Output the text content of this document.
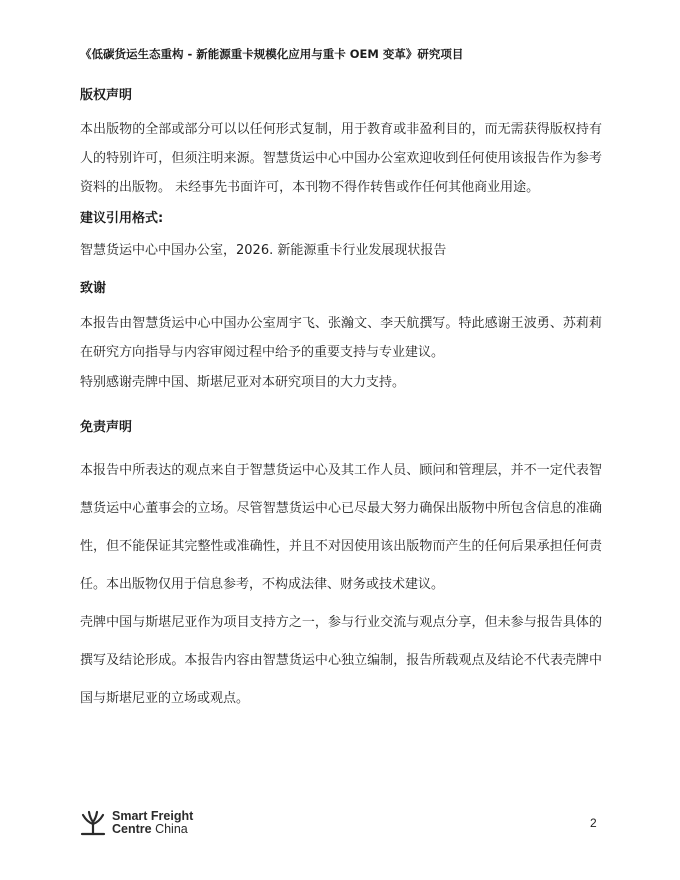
《低碳货运生态重构 - 新能源重卡规模化应用与重卡 OEM 变革》研究项目
版权声明

本出版物的全部或部分可以以任何形式复制，用于教育或非盈利目的，而无需获得版权持有人的特别许可，但须注明来源。智慧货运中心中国办公室欢迎收到任何使用该报告作为参考资料的出版物。 未经事先书面许可，本刊物不得作转售或作任何其他商业用途。

建议引用格式:

智慧货运中心中国办公室，2026. 新能源重卡行业发展现状报告

致谢

本报告由智慧货运中心中国办公室周宇飞、张瀚文、李天航撰写。特此感谢王波勇、苏莉莉在研究方向指导与内容审阅过程中给予的重要支持与专业建议。

特别感谢壳牌中国、斯堪尼亚对本研究项目的大力支持。

免责声明

本报告中所表达的观点来自于智慧货运中心及其工作人员、顾问和管理层，并不一定代表智慧货运中心董事会的立场。尽管智慧货运中心已尽最大努力确保出版物中所包含信息的准确性，但不能保证其完整性或准确性，并且不对因使用该出版物而产生的任何后果承担任何责任。本出版物仅用于信息参考，不构成法律、财务或技术建议。

壳牌中国与斯堪尼亚作为项目支持方之一，参与行业交流与观点分享，但未参与报告具体的撰写及结论形成。本报告内容由智慧货运中心独立编制，报告所载观点及结论不代表壳牌中国与斯堪尼亚的立场或观点。

Smart Freight
Centre China	2
